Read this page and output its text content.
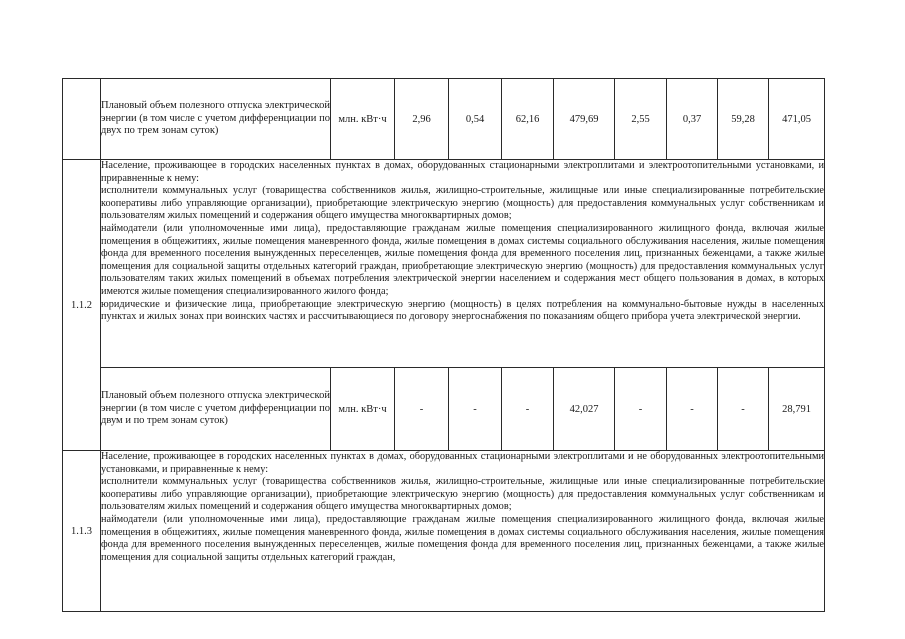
	Плановый объем полезного отпуска электрической энергии (в том числе с учетом дифференциации по двух по трем зонам суток)	млн. кВт·ч	2,96	0,54	62,16	479,69	2,55	0,37	59,28	471,05
1.1.2	Население, проживающее в городских населенных пунктах в домах, оборудованных стационарными электроплитами и электроотопительными установками, и приравненные к нему:

исполнители коммунальных услуг (товарищества собственников жилья, жилищно-строительные, жилищные или иные специализированные потребительские кооперативы либо управляющие организации), приобретающие электрическую энергию (мощность) для предоставления коммунальных услуг собственникам и пользователям жилых помещений и содержания общего имущества многоквартирных домов;

наймодатели (или уполномоченные ими лица), предоставляющие гражданам жилые помещения специализированного жилищного фонда, включая жилые помещения в общежитиях, жилые помещения маневренного фонда, жилые помещения в домах системы социального обслуживания населения, жилые помещения фонда для временного поселения вынужденных переселенцев, жилые помещения фонда для временного поселения лиц, признанных беженцами, а также жилые помещения для социальной защиты отдельных категорий граждан, приобретающие электрическую энергию (мощность) для предоставления коммунальных услуг пользователям таких жилых помещений в объемах потребления электрической энергии населением и содержания мест общего пользования в домах, в которых имеются жилые помещения специализированного жилого фонда;

юридические и физические лица, приобретающие электрическую энергию (мощность) в целях потребления на коммунально-бытовые нужды в населенных пунктах и жилых зонах при воинских частях и рассчитывающиеся по договору энергоснабжения по показаниям общего прибора учета электрической энергии.									

	Плановый объем полезного отпуска электрической энергии (в том числе с учетом дифференциации по двум и по трем зонам суток)	млн. кВт·ч	-	-	-	42,027	-	-	-	28,791
1.1.3	Население, проживающее в городских населенных пунктах в домах, оборудованных стационарными электроплитами и не оборудованных электроотопительными установками, и приравненные к нему:

исполнители коммунальных услуг (товарищества собственников жилья, жилищно-строительные, жилищные или иные специализированные потребительские кооперативы либо управляющие организации), приобретающие электрическую энергию (мощность) для предоставления коммунальных услуг собственникам и пользователям жилых помещений и содержания общего имущества многоквартирных домов;

наймодатели (или уполномоченные ими лица), предоставляющие гражданам жилые помещения специализированного жилищного фонда, включая жилые помещения в общежитиях, жилые помещения маневренного фонда, жилые помещения в домах системы социального обслуживания населения, жилые помещения фонда для временного поселения вынужденных переселенцев, жилые помещения фонда для временного поселения лиц, признанных беженцами, а также жилые помещения для социальной защиты отдельных категорий граждан,									
